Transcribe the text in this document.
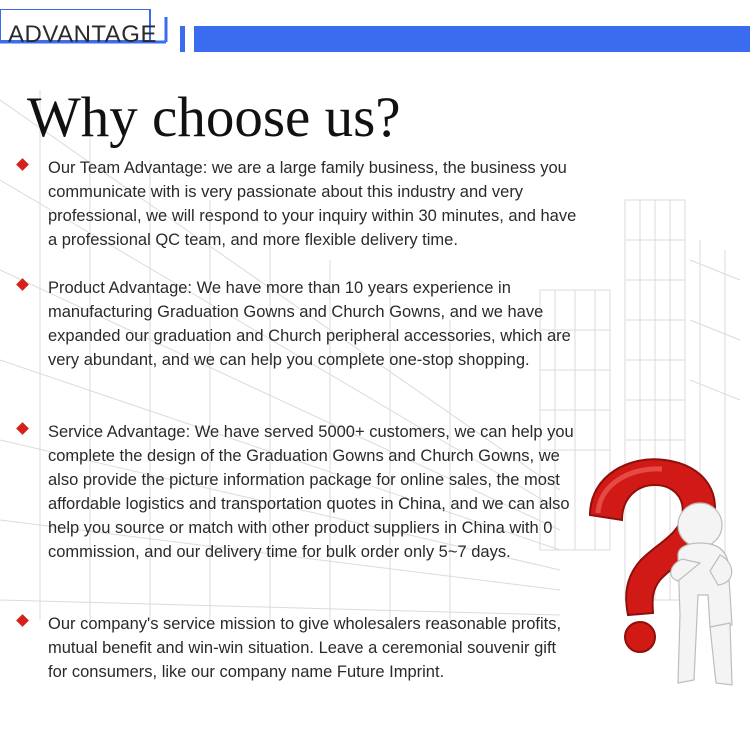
ADVANTAGE
Why choose us?

Our Team Advantage: we are a large family business, the business you communicate with is very passionate about this industry and very professional, we will respond to your inquiry within 30 minutes, and have a professional QC team, and more flexible delivery time.

Product Advantage: We have more than 10 years experience in manufacturing Graduation Gowns and Church Gowns, and we have expanded our graduation and Church peripheral accessories, which are very abundant, and we can help you complete one-stop shopping.

Service Advantage: We have served 5000+ customers, we can help you complete the design of the Graduation Gowns and Church Gowns, we also provide the picture information package for online sales, the most affordable logistics and transportation quotes in China, and we can also help you source or match with other product suppliers in China with 0 commission, and our delivery time for bulk order only 5~7 days.

Our company's service mission to give wholesalers reasonable profits, mutual benefit and win-win situation. Leave a ceremonial souvenir gift for consumers, like our company name Future Imprint.
